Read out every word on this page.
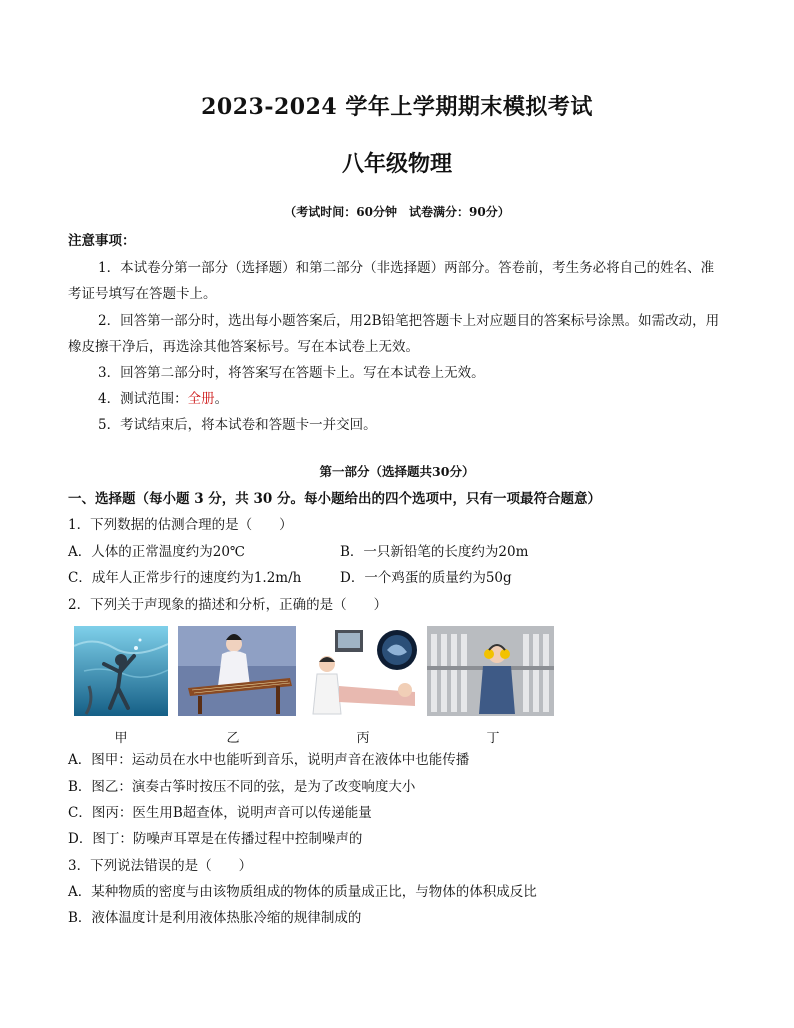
2023-2024 学年上学期期末模拟考试
八年级物理
（考试时间：60分钟　试卷满分：90分）
注意事项：
1．本试卷分第一部分（选择题）和第二部分（非选择题）两部分。答卷前，考生务必将自己的姓名、准
考证号填写在答题卡上。
2．回答第一部分时，选出每小题答案后，用2B铅笔把答题卡上对应题目的答案标号涂黑。如需改动，用
橡皮擦干净后，再选涂其他答案标号。写在本试卷上无效。
3．回答第二部分时，将答案写在答题卡上。写在本试卷上无效。
4．测试范围：全册。
5．考试结束后，将本试卷和答题卡一并交回。
第一部分（选择题共30分）
一、选择题（每小题 3 分，共 30 分。每小题给出的四个选项中，只有一项最符合题意）
1．下列数据的估测合理的是（　　）
A．人体的正常温度约为20℃	B．一只新铅笔的长度约为20m
C．成年人正常步行的速度约为1.2m/h	D．一个鸡蛋的质量约为50g
2．下列关于声现象的描述和分析，正确的是（　　）
甲	乙	丙	丁
A．图甲：运动员在水中也能听到音乐，说明声音在液体中也能传播
B．图乙：演奏古筝时按压不同的弦，是为了改变响度大小
C．图丙：医生用B超查体，说明声音可以传递能量
D．图丁：防噪声耳罩是在传播过程中控制噪声的
3．下列说法错误的是（　　）
A．某种物质的密度与由该物质组成的物体的质量成正比，与物体的体积成反比
B．液体温度计是利用液体热胀冷缩的规律制成的
